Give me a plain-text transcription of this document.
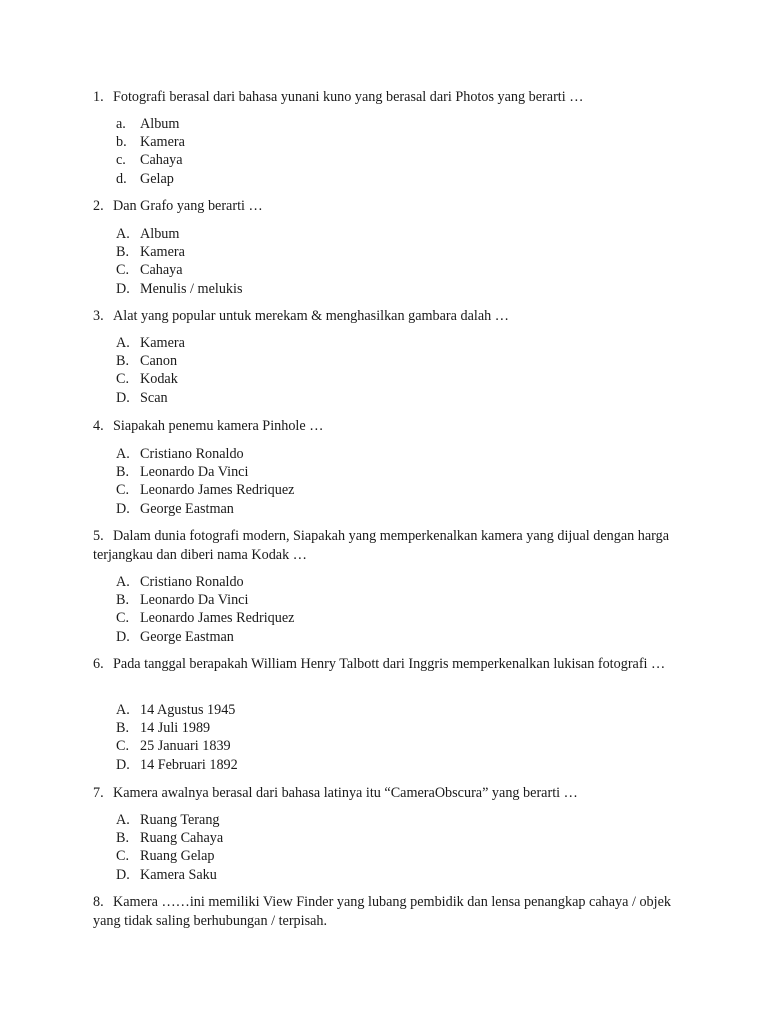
1. Fotografi berasal dari bahasa yunani kuno yang berasal dari Photos yang berarti …
a. Album
b. Kamera
c. Cahaya
d. Gelap
2. Dan Grafo yang berarti …
A. Album
B. Kamera
C. Cahaya
D. Menulis / melukis
3. Alat yang popular untuk merekam & menghasilkan gambara dalah …
A. Kamera
B. Canon
C. Kodak
D. Scan
4. Siapakah penemu kamera Pinhole …
A. Cristiano Ronaldo
B. Leonardo Da Vinci
C. Leonardo James Redriquez
D. George Eastman
5. Dalam dunia fotografi modern, Siapakah yang memperkenalkan kamera yang dijual dengan harga terjangkau dan diberi nama Kodak …
A. Cristiano Ronaldo
B. Leonardo Da Vinci
C. Leonardo James Redriquez
D. George Eastman
6. Pada tanggal berapakah William Henry Talbott dari Inggris memperkenalkan lukisan fotografi …
A. 14 Agustus 1945
B. 14 Juli 1989
C. 25 Januari 1839
D. 14 Februari 1892
7. Kamera awalnya berasal dari bahasa latinya itu “CameraObscura” yang berarti …
A. Ruang Terang
B. Ruang Cahaya
C. Ruang Gelap
D. Kamera Saku
8. Kamera ……ini memiliki View Finder yang lubang pembidik dan lensa penangkap cahaya / objek yang tidak saling berhubungan / terpisah.
